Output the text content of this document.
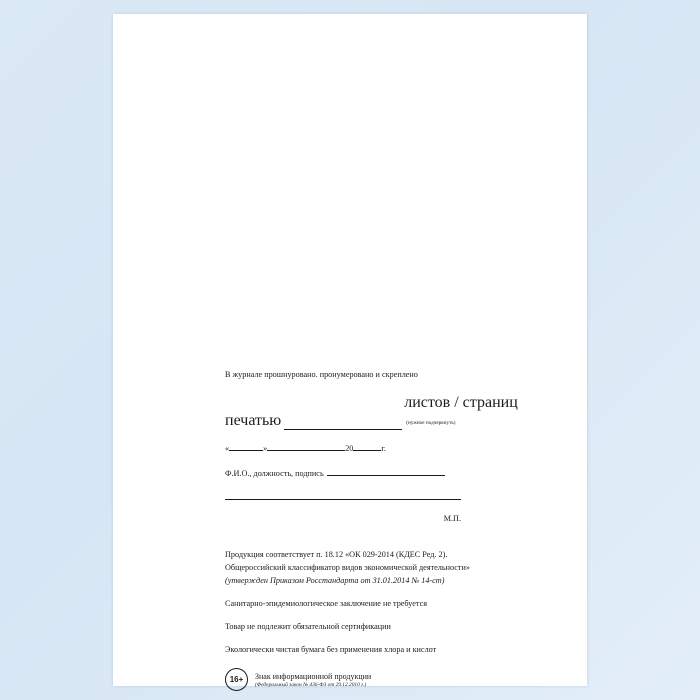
В журнале прошнуровано. пронумеровано и скреплено
печатью
листов / страниц
(нужное подчеркнуть)
«	»	20	г.
Ф.И.О., должность, подпись
М.П.
Продукция соответствует п. 18.12 «ОК 029-2014 (КДЕС Ред. 2).
Общероссийский классификатор видов экономической деятельности»
(утвержден Приказом Росстандарта от 31.01.2014 № 14-ст)
Санитарно-эпидемиологическое заключение не требуется
Товар не подлежит обязательной сертификации
Экологически чистая бумага без применения хлора и кислот
16+	Знак информационной продукции
(Федеральный закон № 436-ФЗ от 29.12.2010 г.)
